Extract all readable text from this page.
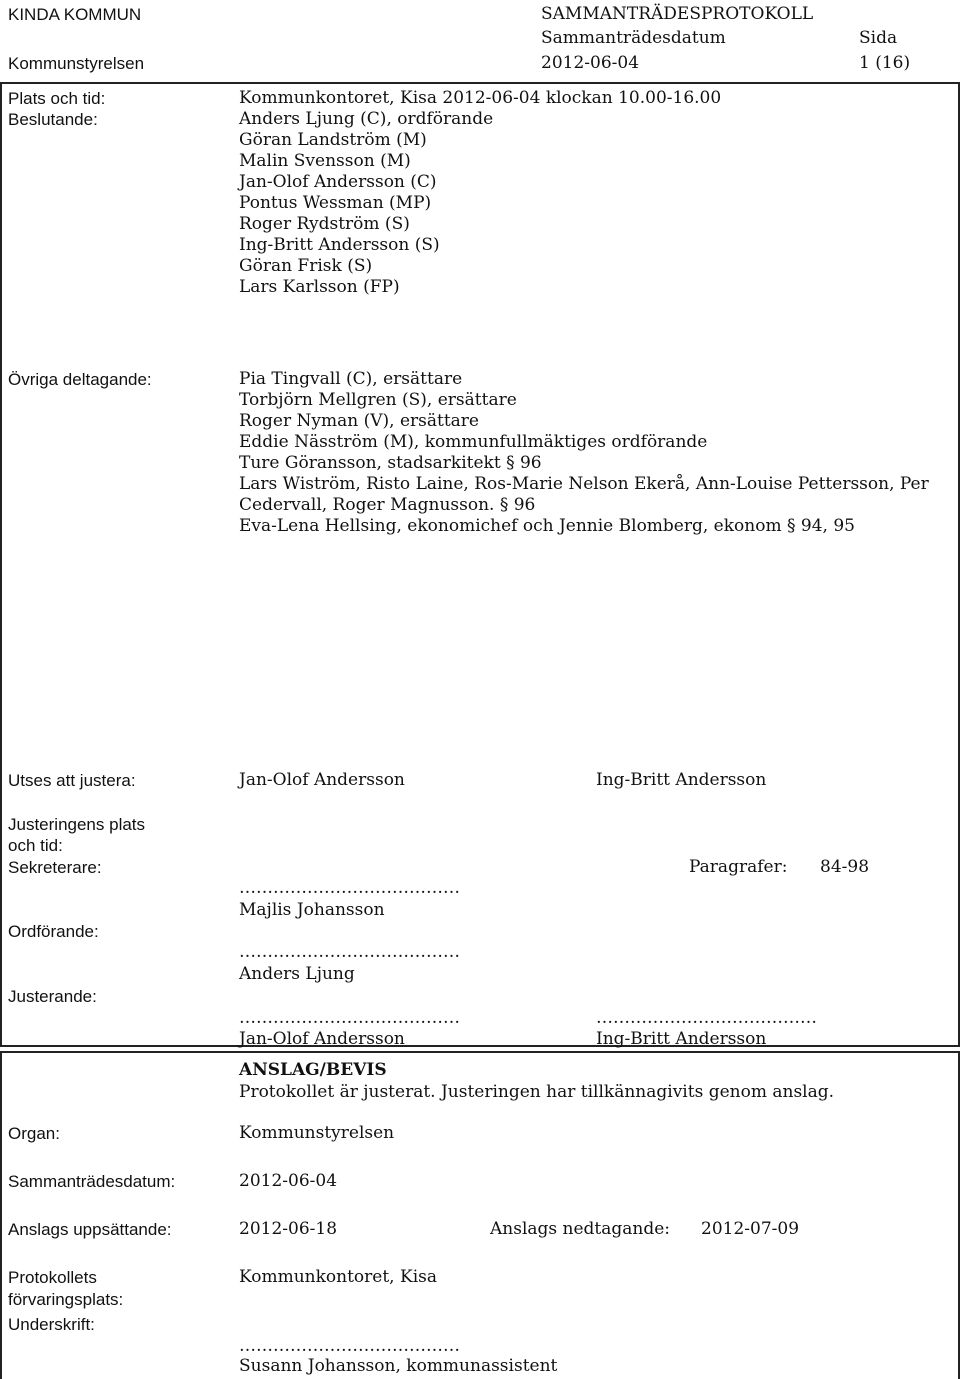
KINDA KOMMUN	SAMMANTRÄDESPROTOKOLL
Sammanträdesdatum	Sida
Kommunstyrelsen	2012-06-04	1 (16)
Plats och tid:	Kommunkontoret, Kisa 2012-06-04 klockan 10.00-16.00
Beslutande:	Anders Ljung (C), ordförande
Göran Landström (M)
Malin Svensson (M)
Jan-Olof Andersson (C)
Pontus Wessman (MP)
Roger Rydström (S)
Ing-Britt Andersson (S)
Göran Frisk (S)
Lars Karlsson (FP)
Övriga deltagande:	Pia Tingvall (C), ersättare
Torbjörn Mellgren (S), ersättare
Roger Nyman (V), ersättare
Eddie Näsström (M), kommunfullmäktiges ordförande
Ture Göransson, stadsarkitekt § 96
Lars Wiström, Risto Laine, Ros-Marie Nelson Ekerå, Ann-Louise Pettersson, Per
Cedervall, Roger Magnusson. § 96
Eva-Lena Hellsing, ekonomichef och Jennie Blomberg, ekonom § 94, 95
Utses att justera:	Jan-Olof Andersson	Ing-Britt Andersson
Justeringens plats
och tid:
Sekreterare:	Paragrafer: 84-98
…………………………………
Majlis Johansson
Ordförande:
…………………………………
Anders Ljung
Justerande:
…………………………………	…………………………………
Jan-Olof Andersson	Ing-Britt Andersson
ANSLAG/BEVIS
Protokollet är justerat. Justeringen har tillkännagivits genom anslag.
Organ:	Kommunstyrelsen
Sammanträdesdatum:	2012-06-04
Anslags uppsättande:	2012-06-18	Anslags nedtagande: 2012-07-09
Protokollets
förvaringsplats:
Kommunkontoret, Kisa
Underskrift:
…………………………………
Susann Johansson, kommunassistent
